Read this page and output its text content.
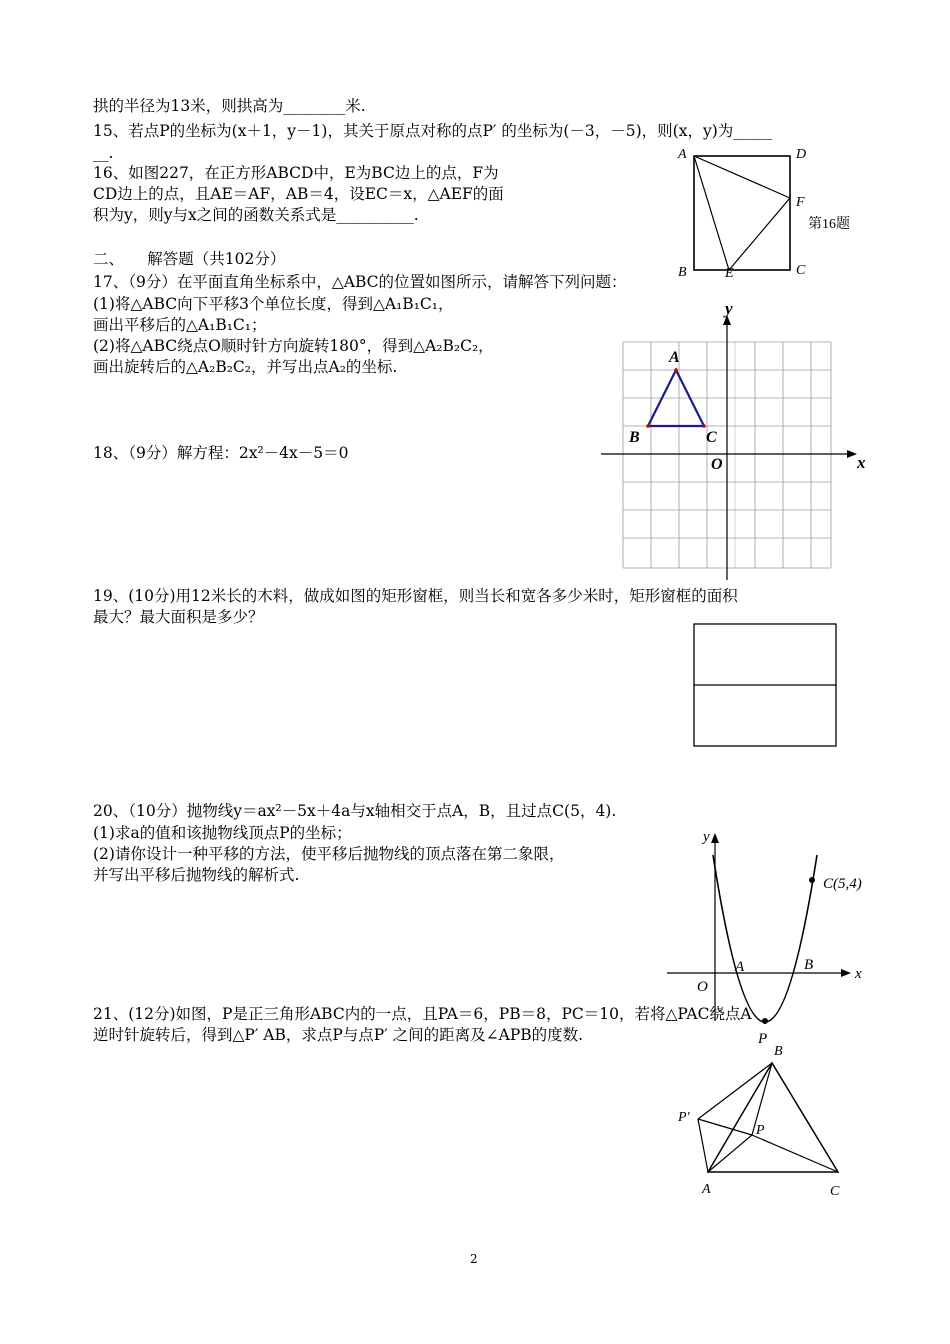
拱的半径为13米，则拱高为________米.
15、若点P的坐标为(x＋1，y－1)，其关于原点对称的点P′ 的坐标为(－3，－5)，则(x，y)为_____
__.
16、如图227，在正方形ABCD中，E为BC边上的点，F为
CD边上的点，且AE＝AF，AB＝4，设EC＝x，△AEF的面
积为y，则y与x之间的函数关系式是__________.
二、　　解答题（共102分）
17、（9分）在平面直角坐标系中，△ABC的位置如图所示，请解答下列问题：
(1)将△ABC向下平移3个单位长度，得到△A₁B₁C₁，
画出平移后的△A₁B₁C₁；
(2)将△ABC绕点O顺时针方向旋转180°，得到△A₂B₂C₂，
画出旋转后的△A₂B₂C₂，并写出点A₂的坐标.
18、（9分）解方程：2x²－4x－5＝0
19、(10分)用12米长的木料，做成如图的矩形窗框，则当长和宽各多少米时，矩形窗框的面积
最大？最大面积是多少？
20、（10分）抛物线y＝ax²－5x＋4a与x轴相交于点A，B，且过点C(5，4).
(1)求a的值和该抛物线顶点P的坐标；
(2)请你设计一种平移的方法，使平移后抛物线的顶点落在第二象限，
并写出平移后抛物线的解析式.
21、(12分)如图，P是正三角形ABC内的一点，且PA＝6，PB＝8，PC＝10，若将△PAC绕点A
逆时针旋转后，得到△P′ AB，求点P与点P′ 之间的距离及∠APB的度数.
A	D
F
B	E	C
第16题
A
B	C
O	x
y
y
x
O
A	B
P
C(5,4)
B
P′
P
A	C
2
